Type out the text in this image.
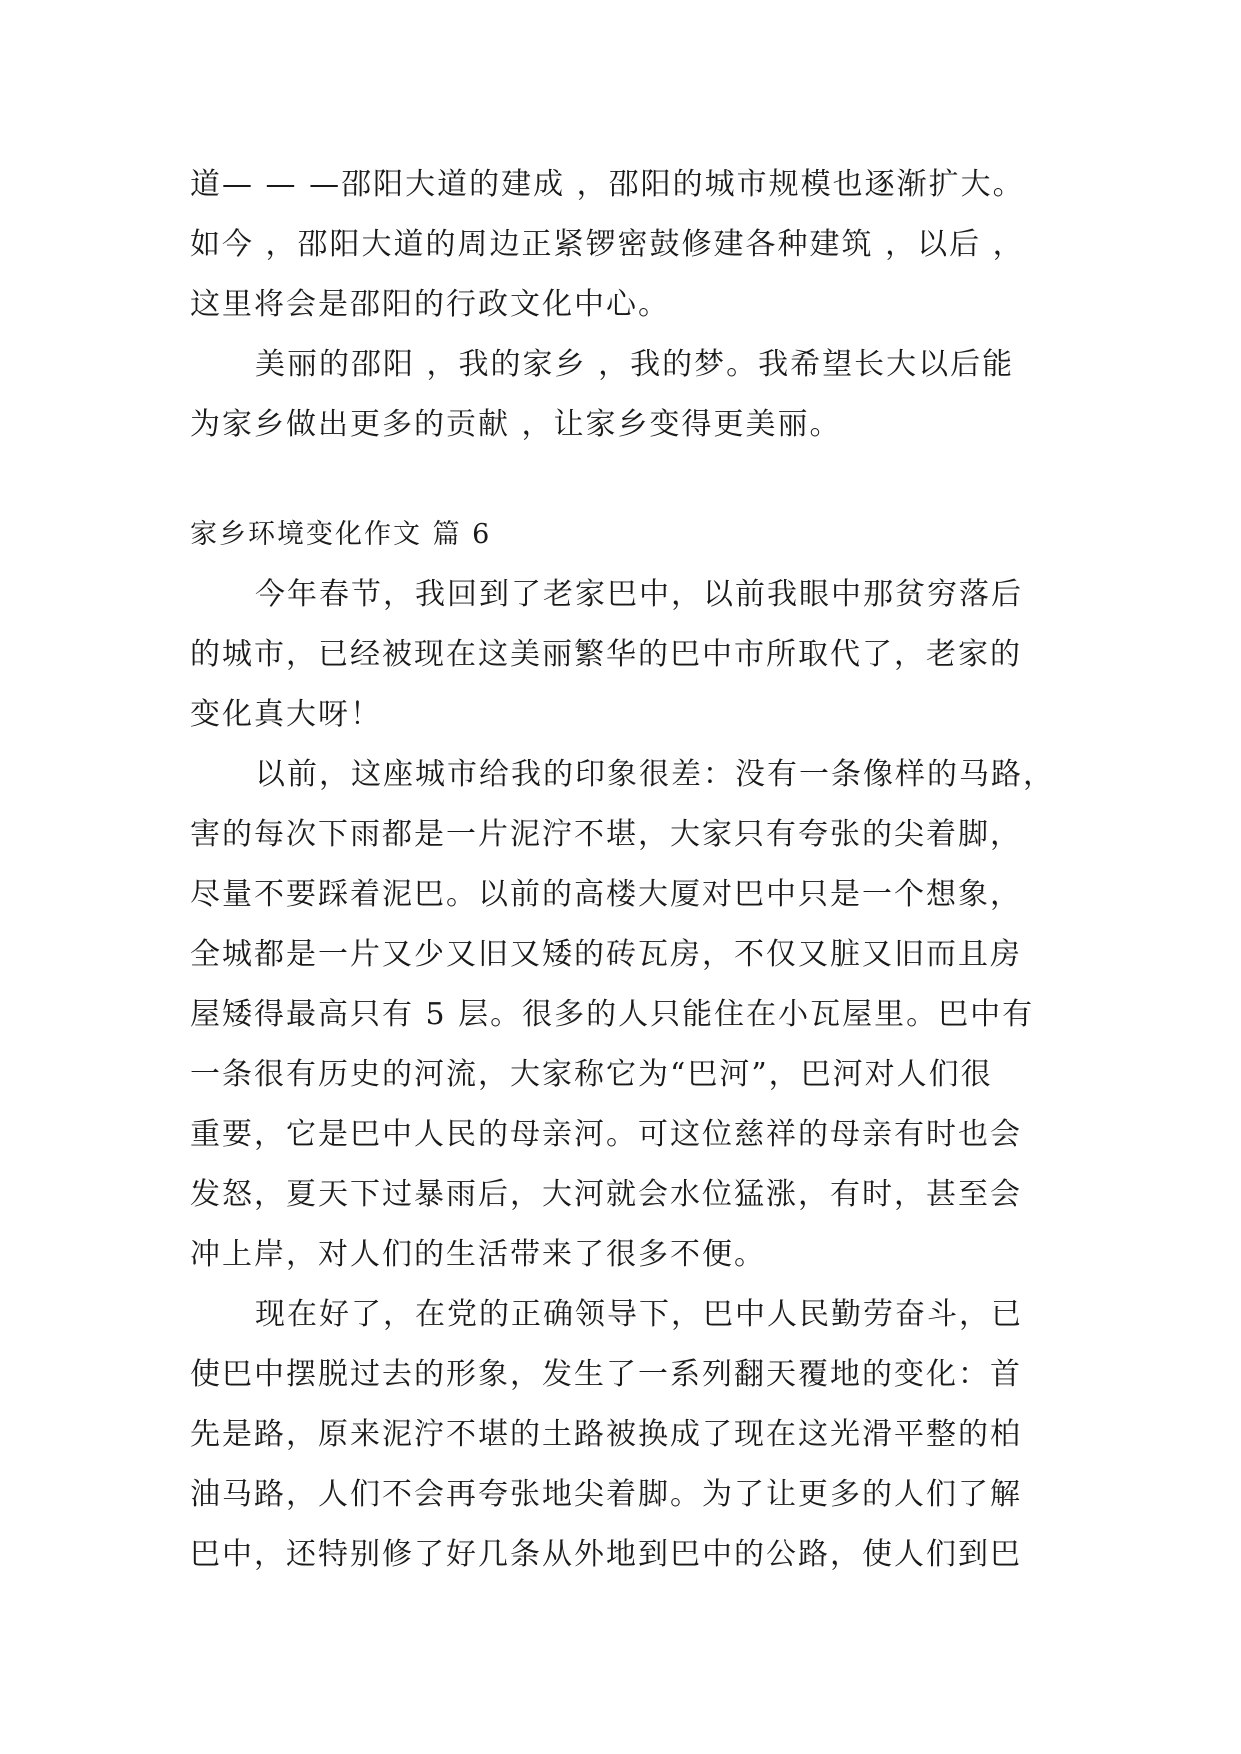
道— — —邵阳大道的建成 ，邵阳的城市规模也逐渐扩大。
如今 ，邵阳大道的周边正紧锣密鼓修建各种建筑 ，以后 ，
这里将会是邵阳的行政文化中心。
美丽的邵阳 ，我的家乡 ，我的梦。我希望长大以后能
为家乡做出更多的贡献 ，让家乡变得更美丽。
家乡环境变化作文 篇 6
今年春节，我回到了老家巴中，以前我眼中那贫穷落后
的城市，已经被现在这美丽繁华的巴中市所取代了，老家的
变化真大呀！
以前，这座城市给我的印象很差：没有一条像样的马路，
害的每次下雨都是一片泥泞不堪，大家只有夸张的尖着脚，
尽量不要踩着泥巴。以前的高楼大厦对巴中只是一个想象，
全城都是一片又少又旧又矮的砖瓦房，不仅又脏又旧而且房
屋矮得最高只有 5 层。很多的人只能住在小瓦屋里。巴中有
一条很有历史的河流，大家称它为“巴河”，巴河对人们很
重要，它是巴中人民的母亲河。可这位慈祥的母亲有时也会
发怒，夏天下过暴雨后，大河就会水位猛涨，有时，甚至会
冲上岸，对人们的生活带来了很多不便。
现在好了，在党的正确领导下，巴中人民勤劳奋斗，已
使巴中摆脱过去的形象，发生了一系列翻天覆地的变化：首
先是路，原来泥泞不堪的土路被换成了现在这光滑平整的柏
油马路，人们不会再夸张地尖着脚。为了让更多的人们了解
巴中，还特别修了好几条从外地到巴中的公路，使人们到巴
